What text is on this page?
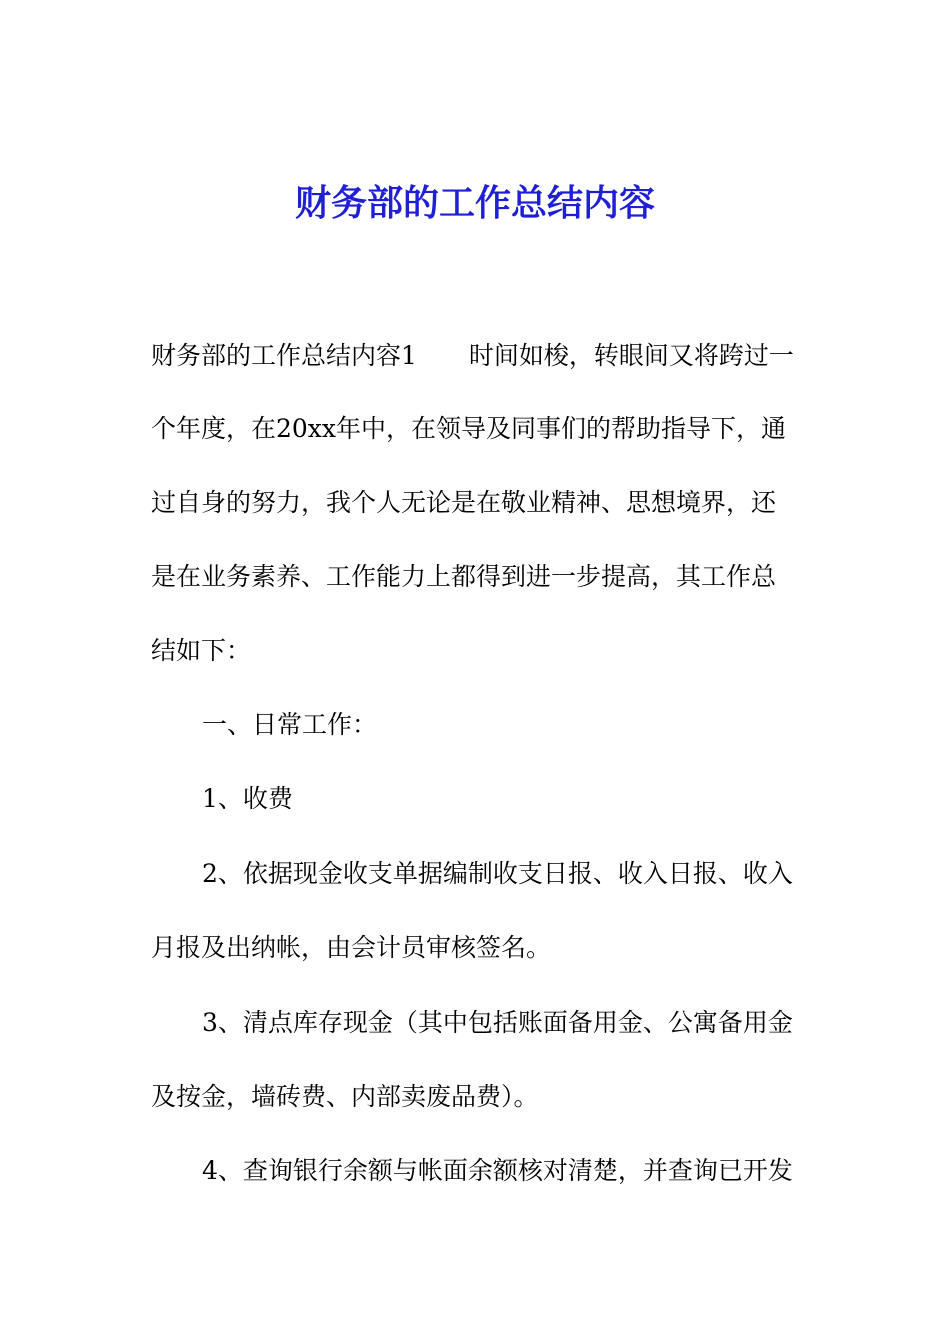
财务部的工作总结内容

财务部的工作总结内容1 时间如梭，转眼间又将跨过一

个年度，在20xx年中，在领导及同事们的帮助指导下，通

过自身的努力，我个人无论是在敬业精神、思想境界，还

是在业务素养、工作能力上都得到进一步提高，其工作总

结如下：

一、日常工作：

1、收费

2、依据现金收支单据编制收支日报、收入日报、收入

月报及出纳帐，由会计员审核签名。

3、清点库存现金（其中包括账面备用金、公寓备用金

及按金，墙砖费、内部卖废品费）。

4、查询银行余额与帐面余额核对清楚，并查询已开发
